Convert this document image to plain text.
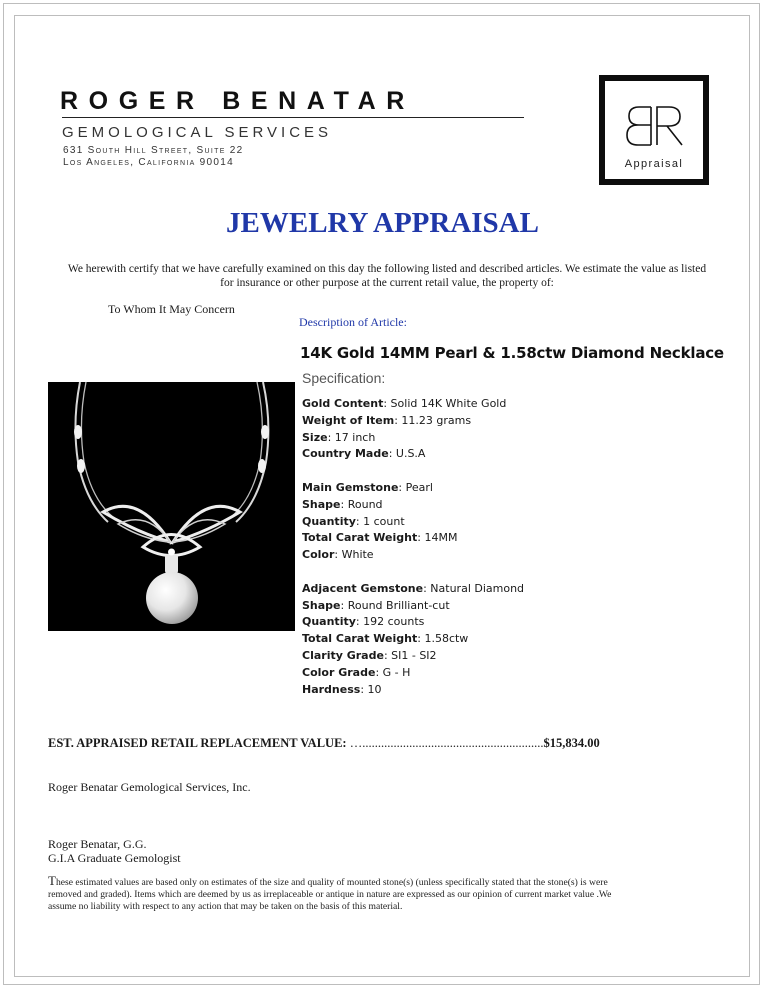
ROGER BENATAR
GEMOLOGICAL SERVICES
631 South Hill Street, Suite 22
Los Angeles, California 90014	Appraisal
JEWELRY APPRAISAL
We herewith certify that we have carefully examined on this day the following listed and described articles. We estimate the value as listed for insurance or other purpose at the current retail value, the property of:
To Whom It May Concern
Description of Article:
14K Gold 14MM Pearl & 1.58ctw Diamond Necklace
Specification:
Gold Content: Solid 14K White Gold
Weight of Item: 11.23 grams
Size: 17 inch
Country Made: U.S.A
Main Gemstone: Pearl
Shape: Round
Quantity: 1 count
Total Carat Weight: 14MM
Color: White
Adjacent Gemstone: Natural Diamond
Shape: Round Brilliant-cut
Quantity: 192 counts
Total Carat Weight: 1.58ctw
Clarity Grade: SI1 - SI2
Color Grade: G - H
Hardness: 10
EST. APPRAISED RETAIL REPLACEMENT VALUE:
….......................................................... $15,834.00
Roger Benatar Gemological Services, Inc.
Roger Benatar, G.G.
G.I.A Graduate Gemologist
These estimated values are based only on estimates of the size and quality of mounted stone(s) (unless specifically stated that the stone(s) is were removed and graded). Items which are deemed by us as irreplaceable or antique in nature are expressed as our opinion of current market value .We assume no liability with respect to any action that may be taken on the basis of this material.
